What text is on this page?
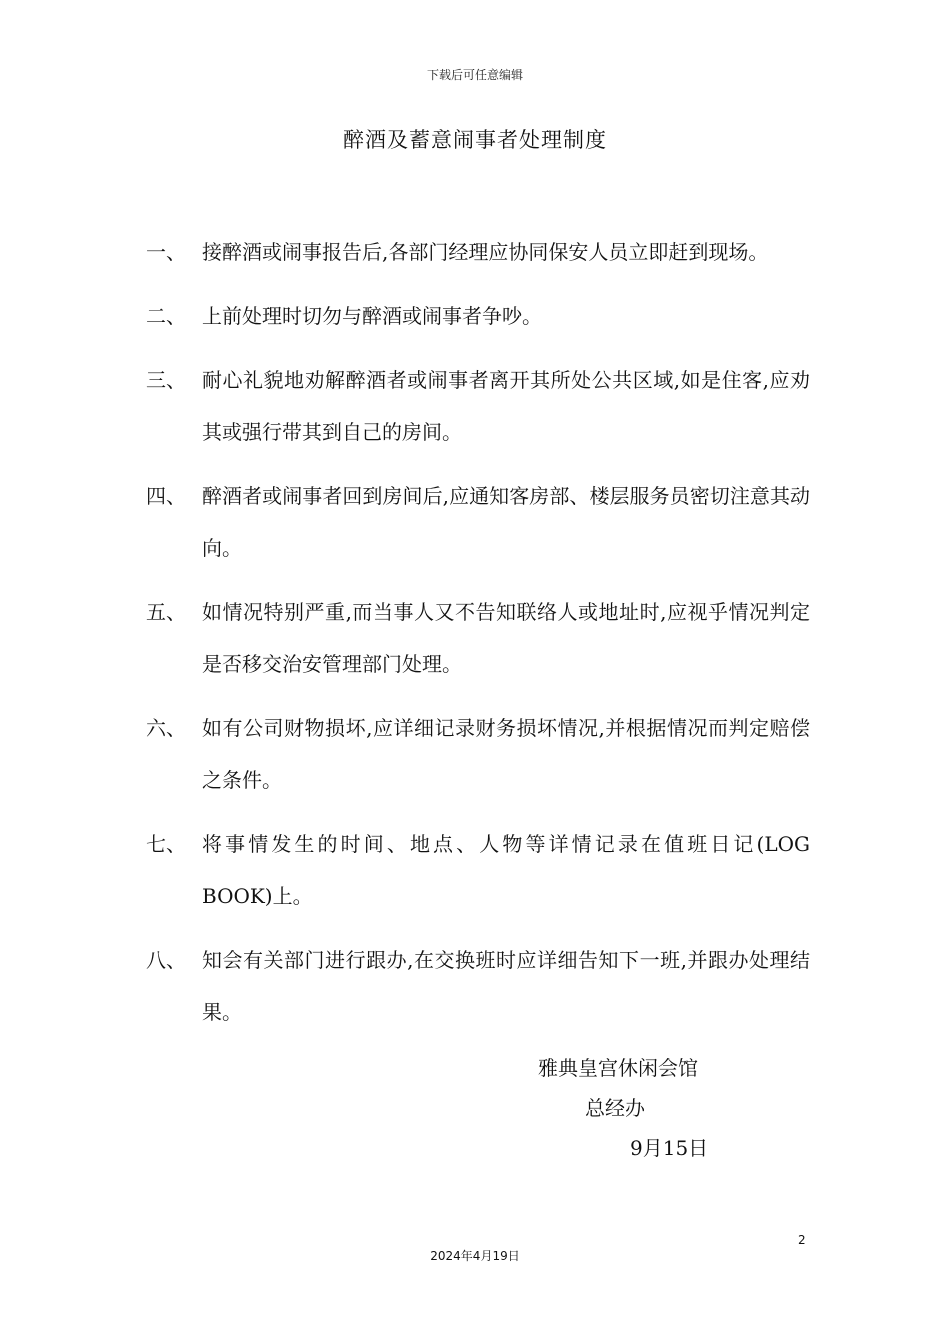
下载后可任意编辑
醉酒及蓄意闹事者处理制度
一、 接醉酒或闹事报告后,各部门经理应协同保安人员立即赶到现场。
二、 上前处理时切勿与醉酒或闹事者争吵。
三、 耐心礼貌地劝解醉酒者或闹事者离开其所处公共区域,如是住客,应劝其或强行带其到自己的房间。
四、 醉酒者或闹事者回到房间后,应通知客房部、楼层服务员密切注意其动向。
五、 如情况特别严重,而当事人又不告知联络人或地址时,应视乎情况判定是否移交治安管理部门处理。
六、 如有公司财物损坏,应详细记录财务损坏情况,并根据情况而判定赔偿之条件。
七、 将事情发生的时间、地点、人物等详情记录在值班日记(LOG BOOK)上。
八、 知会有关部门进行跟办,在交换班时应详细告知下一班,并跟办处理结果。
雅典皇宫休闲会馆
总经办
9月15日
2
2024年4月19日
